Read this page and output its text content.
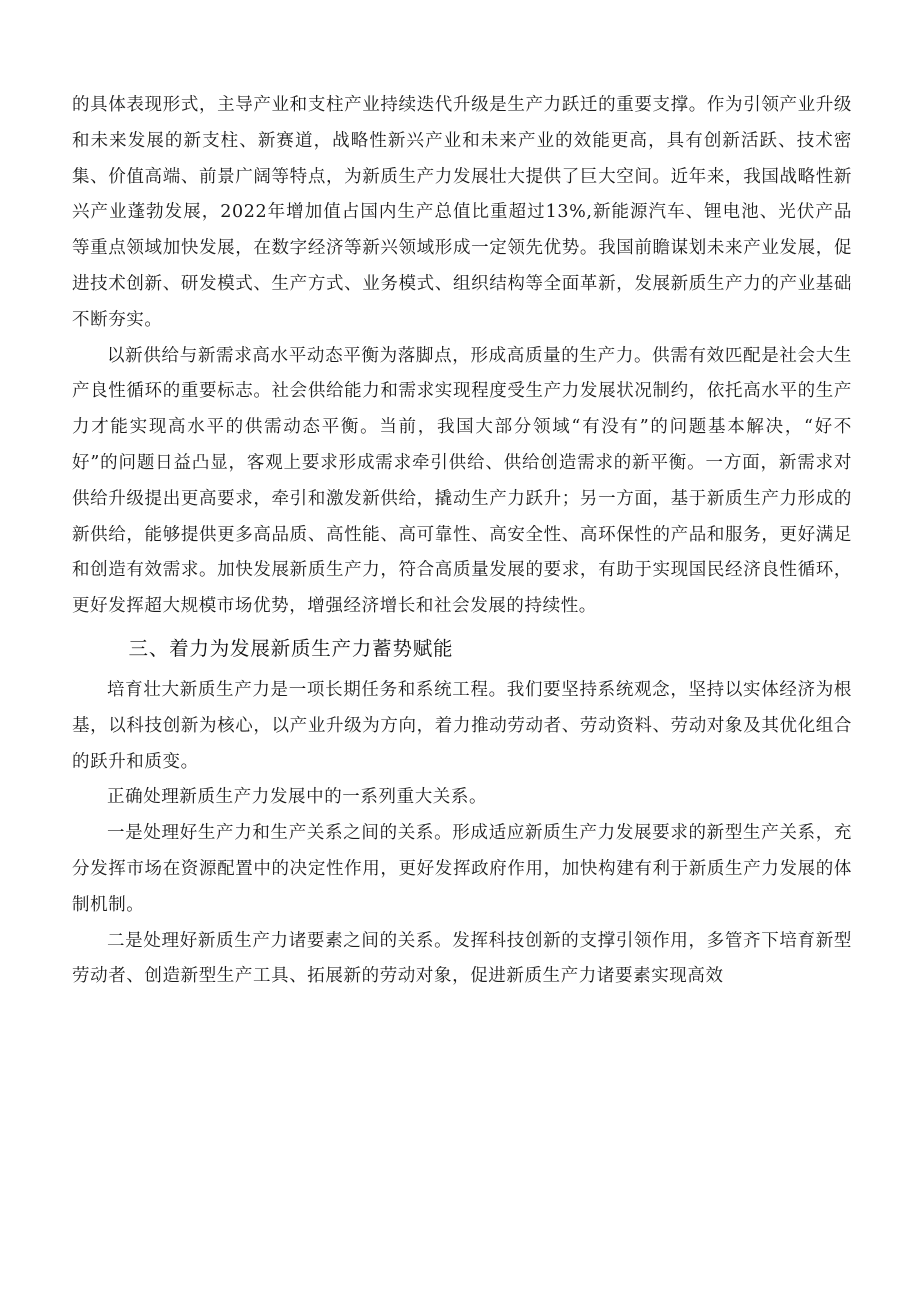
的具体表现形式，主导产业和支柱产业持续迭代升级是生产力跃迁的重要支撑。作为引领产业升级和未来发展的新支柱、新赛道，战略性新兴产业和未来产业的效能更高，具有创新活跃、技术密集、价值高端、前景广阔等特点，为新质生产力发展壮大提供了巨大空间。近年来，我国战略性新兴产业蓬勃发展，2022年增加值占国内生产总值比重超过13%,新能源汽车、锂电池、光伏产品等重点领域加快发展，在数字经济等新兴领域形成一定领先优势。我国前瞻谋划未来产业发展，促进技术创新、研发模式、生产方式、业务模式、组织结构等全面革新，发展新质生产力的产业基础不断夯实。

以新供给与新需求高水平动态平衡为落脚点，形成高质量的生产力。供需有效匹配是社会大生产良性循环的重要标志。社会供给能力和需求实现程度受生产力发展状况制约，依托高水平的生产力才能实现高水平的供需动态平衡。当前，我国大部分领域“有没有”的问题基本解决，“好不好”的问题日益凸显，客观上要求形成需求牵引供给、供给创造需求的新平衡。一方面，新需求对供给升级提出更高要求，牵引和激发新供给，撬动生产力跃升；另一方面，基于新质生产力形成的新供给，能够提供更多高品质、高性能、高可靠性、高安全性、高环保性的产品和服务，更好满足和创造有效需求。加快发展新质生产力，符合高质量发展的要求，有助于实现国民经济良性循环，更好发挥超大规模市场优势，增强经济增长和社会发展的持续性。

三、着力为发展新质生产力蓄势赋能

培育壮大新质生产力是一项长期任务和系统工程。我们要坚持系统观念，坚持以实体经济为根基，以科技创新为核心，以产业升级为方向，着力推动劳动者、劳动资料、劳动对象及其优化组合的跃升和质变。

正确处理新质生产力发展中的一系列重大关系。

一是处理好生产力和生产关系之间的关系。形成适应新质生产力发展要求的新型生产关系，充分发挥市场在资源配置中的决定性作用，更好发挥政府作用，加快构建有利于新质生产力发展的体制机制。

二是处理好新质生产力诸要素之间的关系。发挥科技创新的支撑引领作用，多管齐下培育新型劳动者、创造新型生产工具、拓展新的劳动对象，促进新质生产力诸要素实现高效
